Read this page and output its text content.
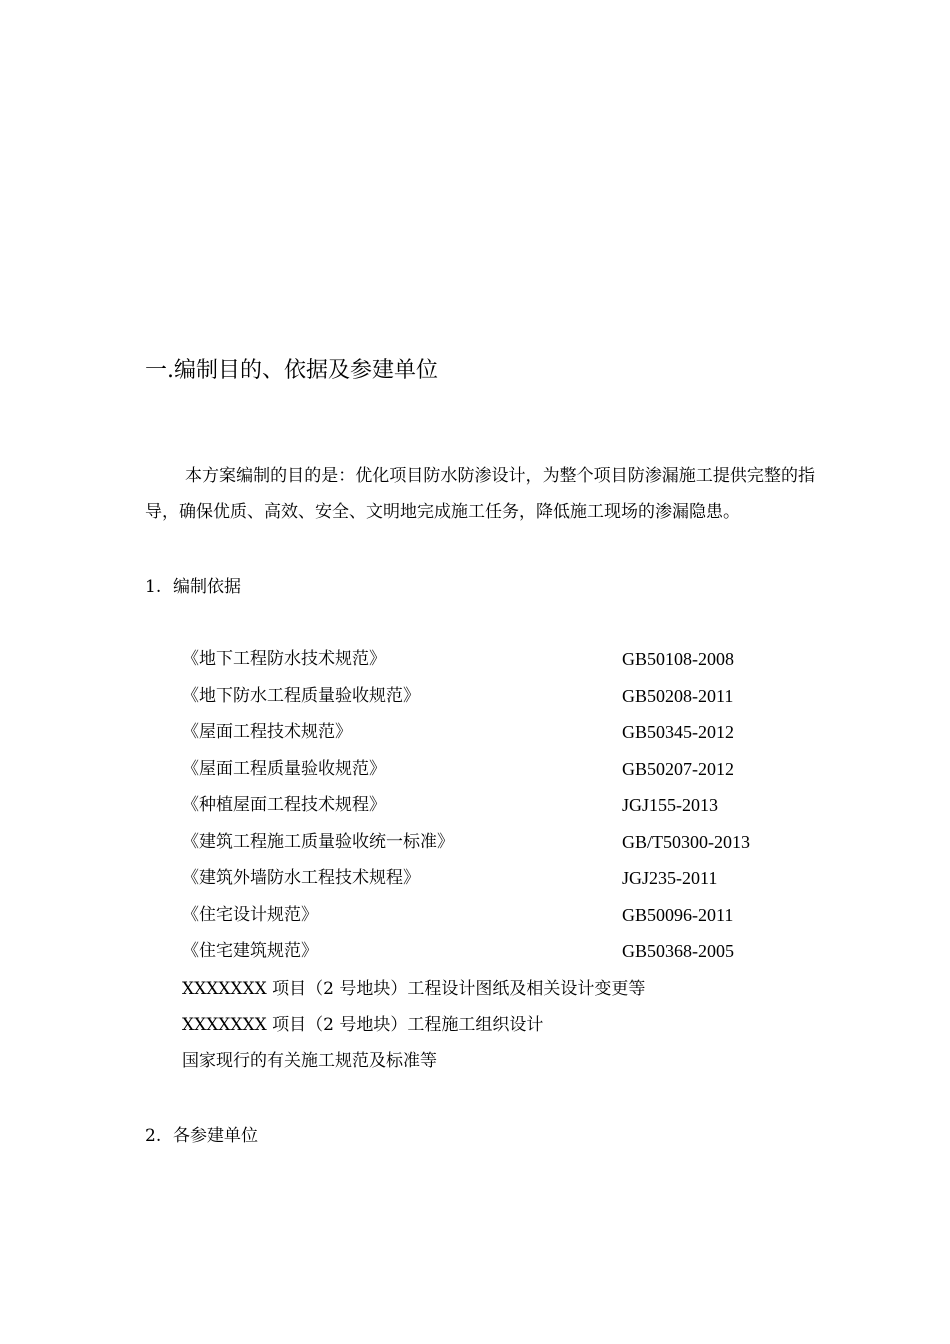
一.编制目的、依据及参建单位
本方案编制的目的是：优化项目防水防渗设计，为整个项目防渗漏施工提供完整的指导，确保优质、高效、安全、文明地完成施工任务，降低施工现场的渗漏隐患。
1. 编制依据
《地下工程防水技术规范》	GB50108-2008
《地下防水工程质量验收规范》	GB50208-2011
《屋面工程技术规范》	GB50345-2012
《屋面工程质量验收规范》	GB50207-2012
《种植屋面工程技术规程》	JGJ155-2013
《建筑工程施工质量验收统一标准》	GB/T50300-2013
《建筑外墙防水工程技术规程》	JGJ235-2011
《住宅设计规范》	GB50096-2011
《住宅建筑规范》	GB50368-2005
XXXXXXX 项目（2 号地块）工程设计图纸及相关设计变更等
XXXXXXX 项目（2 号地块）工程施工组织设计
国家现行的有关施工规范及标准等
2. 各参建单位
